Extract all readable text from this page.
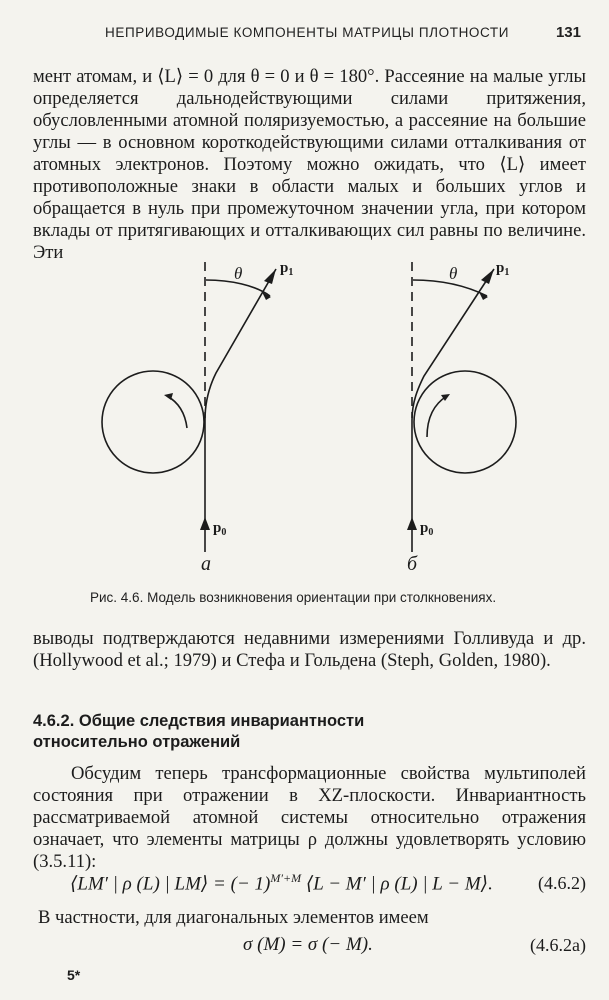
НЕПРИВОДИМЫЕ КОМПОНЕНТЫ МАТРИЦЫ ПЛОТНОСТИ	131
мент атомам, и ⟨L⟩ = 0 для θ = 0 и θ = 180°. Рассеяние на малые углы определяется дальнодействующими силами притяжения, обусловленными атомной поляризуемостью, а рассеяние на большие углы — в основном короткодействующими силами отталкивания от атомных электронов. Поэтому можно ожидать, что ⟨L⟩ имеет противоположные знаки в области малых и больших углов и обращается в нуль при промежуточном значении угла, при котором вклады от притягивающих и отталкивающих сил равны по величине. Эти
θ	$p_1$
$p_0$
θ	$p_1$
$p_0$
а	б
Рис. 4.6. Модель возникновения ориентации при столкновениях.
выводы подтверждаются недавними измерениями Голливуда и др. (Hollywood et al.; 1979) и Стефа и Гольдена (Steph, Golden, 1980).
4.6.2. Общие следствия инвариантности
относительно отражений
Обсудим теперь трансформационные свойства мультиполей состояния при отражении в XZ-плоскости. Инвариантность рассматриваемой атомной системы относительно отражения означает, что элементы матрицы ρ должны удовлетворять условию (3.5.11):
⟨LM′ | ρ (L) | LM⟩ = (− 1)$^{M'+M}$ ⟨L − M′ | ρ (L) | L − M⟩.	(4.6.2)
В частности, для диагональных элементов имеем
σ (M) = σ (− M).	(4.6.2a)
5*
